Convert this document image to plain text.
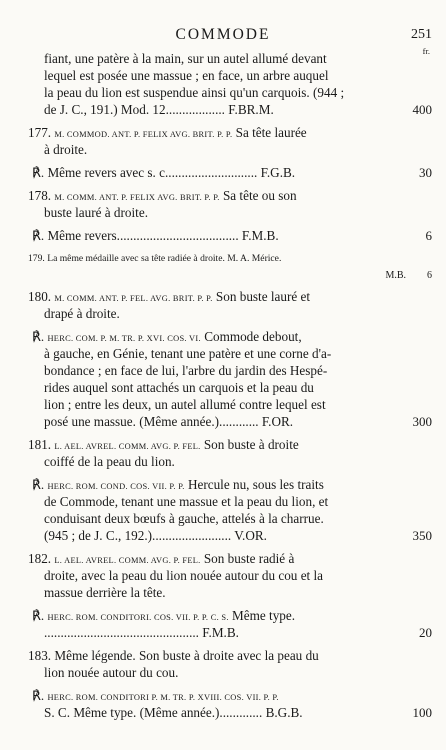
COMMODE	251
fr.
fiant, une patère à la main, sur un autel allumé devant
lequel est posée une massue ; en face, un arbre auquel
la peau du lion est suspendue ainsi qu'un carquois. (944 ;
de J. C., 191.) Mod. 12.................. F.BR.M.	400
177. M. COMMOD. ANT. P. FELIX AVG. BRIT. P. P. Sa tête laurée
à droite.
℟. Même revers avec s. c............................ F.G.B.	30
178. M. COMM. ANT. P. FELIX AVG. BRIT. P. P. Sa tête ou son
buste lauré à droite.
℟. Même revers..................................... F.M.B.	6
179. La même médaille avec sa tête radiée à droite. M. A. Mérice.
M.B. 6
180. M. COMM. ANT. P. FEL. AVG. BRIT. P. P. Son buste lauré et
drapé à droite.
℟. HERC. COM. P. M. TR. P. XVI. COS. VI. Commode debout,
à gauche, en Génie, tenant une patère et une corne d'a-
bondance ; en face de lui, l'arbre du jardin des Hespé-
rides auquel sont attachés un carquois et la peau du
lion ; entre les deux, un autel allumé contre lequel est
posé une massue. (Même année.)............ F.OR.	300
181. L. AEL. AVREL. COMM. AVG. P. FEL. Son buste à droite
coiffé de la peau du lion.
℟. HERC. ROM. COND. COS. VII. P. P. Hercule nu, sous les traits
de Commode, tenant une massue et la peau du lion, et
conduisant deux bœufs à gauche, attelés à la charrue.
(945 ; de J. C., 192.)........................ V.OR.	350
182. L. AEL. AVREL. COMM. AVG. P. FEL. Son buste radié à
droite, avec la peau du lion nouée autour du cou et la
massue derrière la tête.
℟. HERC. ROM. CONDITORI. COS. VII. P. P. C. S. Même type.
............................................... F.M.B.	20
183. Même légende. Son buste à droite avec la peau du
lion nouée autour du cou.
℟. HERC. ROM. CONDITORI P. M. TR. P. XVIII. COS. VII. P. P.
S. C. Même type. (Même année.)............. B.G.B.	100
